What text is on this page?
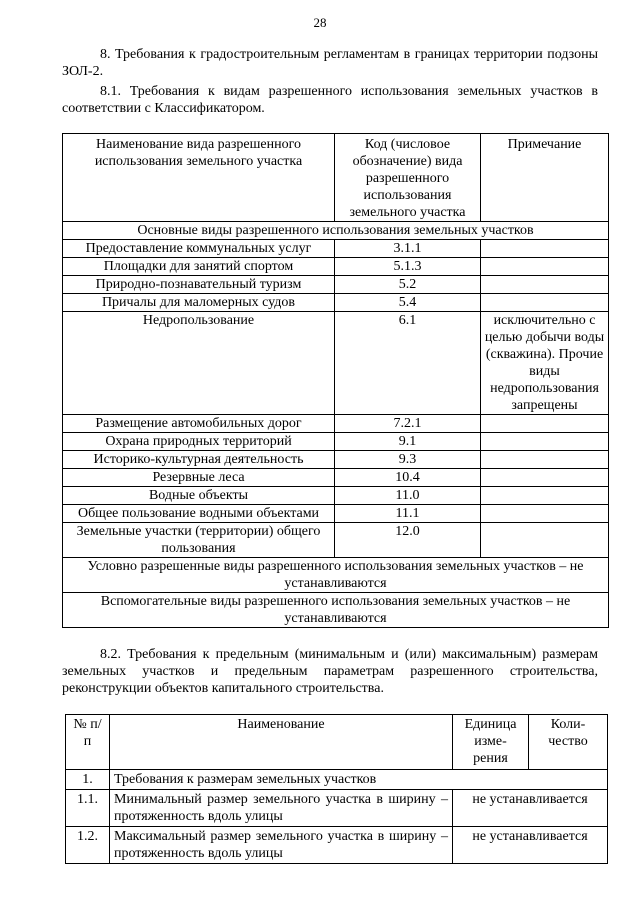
28
8. Требования к градостроительным регламентам в границах территории подзоны ЗОЛ-2.
8.1. Требования к видам разрешенного использования земельных участков в соответствии с Классификатором.
Наименование вида разрешенного использования земельного участка	Код (числовое обозначение) вида разрешенного использования земельного участка	Примечание
Основные виды разрешенного использования земельных участков		
Предоставление коммунальных услуг	3.1.1	
Площадки для занятий спортом	5.1.3	
Природно-познавательный туризм	5.2	
Причалы для маломерных судов	5.4	
Недропользование	6.1	исключительно с целью добычи воды (скважина). Прочие виды недропользования запрещены
Размещение автомобильных дорог	7.2.1	
Охрана природных территорий	9.1	
Историко-культурная деятельность	9.3	
Резервные леса	10.4	
Водные объекты	11.0	
Общее пользование водными объектами	11.1	
Земельные участки (территории) общего пользования	12.0	
Условно разрешенные виды разрешенного использования земельных участков – не устанавливаются		
Вспомогательные виды разрешенного использования земельных участков – не устанавливаются		
8.2. Требования к предельным (минимальным и (или) максимальным) размерам земельных участков и предельным параметрам разрешенного строительства, реконструкции объектов капитального строительства.
№ п/п	Наименование	Единица изме-рения	Коли-чество
1.	Требования к размерам земельных участков		
1.1.	Минимальный размер земельного участка в ширину – протяженность вдоль улицы	не устанавливается	
1.2.	Максимальный размер земельного участка в ширину – протяженность вдоль улицы	не устанавливается	
